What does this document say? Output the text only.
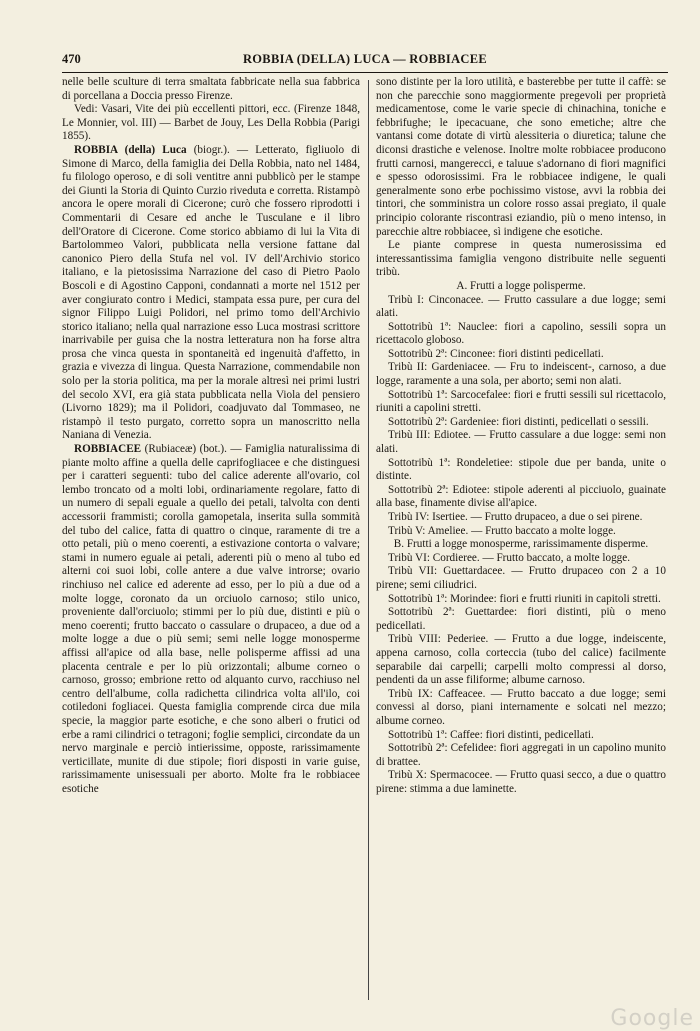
470	ROBBIA (DELLA) LUCA — ROBBIACEE

nelle belle sculture di terra smaltata fabbricate nella sua fabbrica di porcellana a Doccia presso Firenze.

Vedi: Vasari, Vite dei più eccellenti pittori, ecc. (Firenze 1848, Le Monnier, vol. III) — Barbet de Jouy, Les Della Robbia (Parigi 1855).

ROBBIA (della) Luca (biogr.). — Letterato, figliuolo di Simone di Marco, della famiglia dei Della Robbia, nato nel 1484, fu filologo operoso, e di soli ventitre anni pubblicò per le stampe dei Giunti la Storia di Quinto Curzio riveduta e corretta. Ristampò ancora le opere morali di Cicerone; curò che fossero riprodotti i Commentarii di Cesare ed anche le Tusculane e il libro dell'Oratore di Cicerone. Come storico abbiamo di lui la Vita di Bartolommeo Valori, pubblicata nella versione fattane dal canonico Piero della Stufa nel vol. IV dell'Archivio storico italiano, e la pietosissima Narrazione del caso di Pietro Paolo Boscoli e di Agostino Capponi, condannati a morte nel 1512 per aver congiurato contro i Medici, stampata essa pure, per cura del signor Filippo Luigi Polidori, nel primo tomo dell'Archivio storico italiano; nella qual narrazione esso Luca mostrasi scrittore inarrivabile per guisa che la nostra letteratura non ha forse altra prosa che vinca questa in spontaneità ed ingenuità d'affetto, in grazia e vivezza di lingua. Questa Narrazione, commendabile non solo per la storia politica, ma per la morale altresì nei primi lustri del secolo XVI, era già stata pubblicata nella Viola del pensiero (Livorno 1829); ma il Polidori, coadjuvato dal Tommaseo, ne ristampò il testo purgato, corretto sopra un manoscritto nella Naniana di Venezia.

ROBBIACEE (Rubiaceæ) (bot.). — Famiglia naturalissima di piante molto affine a quella delle caprifogliacee e che distinguesi per i caratteri seguenti: tubo del calice aderente all'ovario, col lembo troncato od a molti lobi, ordinariamente regolare, fatto di un numero di sepali eguale a quello dei petali, talvolta con denti accessorii frammisti; corolla gamopetala, inserita sulla sommità del tubo del calice, fatta di quattro o cinque, raramente di tre a otto petali, più o meno coerenti, a estivazione contorta o valvare; stami in numero eguale ai petali, aderenti più o meno al tubo ed alterni coi suoi lobi, colle antere a due valve introrse; ovario rinchiuso nel calice ed aderente ad esso, per lo più a due od a molte logge, coronato da un orciuolo carnoso; stilo unico, proveniente dall'orciuolo; stimmi per lo più due, distinti e più o meno coerenti; frutto baccato o cassulare o drupaceo, a due od a molte logge a due o più semi; semi nelle logge monosperme affissi all'apice od alla base, nelle polisperme affissi ad una placenta centrale e per lo più orizzontali; albume corneo o carnoso, grosso; embrione retto od alquanto curvo, racchiuso nel centro dell'albume, colla radichetta cilindrica volta all'ilo, coi cotiledoni fogliacei. Questa famiglia comprende circa due mila specie, la maggior parte esotiche, e che sono alberi o frutici od erbe a rami cilindrici o tetragoni; foglie semplici, circondate da un nervo marginale e perciò intierissime, opposte, rarissimamente verticillate, munite di due stipole; fiori disposti in varie guise, rarissimamente unisessuali per aborto. Molte fra le robbiacee esotiche

sono distinte per la loro utilità, e basterebbe per tutte il caffè: se non che parecchie sono maggiormente pregevoli per proprietà medicamentose, come le varie specie di chinachina, toniche e febbrifughe; le ipecacuane, che sono emetiche; altre che vantansi come dotate di virtù alessiteria o diuretica; talune che diconsi drastiche e velenose. Inoltre molte robbiacee producono frutti carnosi, mangerecci, e taluue s'adornano di fiori magnifici e spesso odorosissimi. Fra le robbiacee indigene, le quali generalmente sono erbe pochissimo vistose, avvi la robbia dei tintori, che somministra un colore rosso assai pregiato, il quale principio colorante riscontrasi eziandio, più o meno intenso, in parecchie altre robbiacee, sì indigene che esotiche.

Le piante comprese in questa numerosissima ed interessantissima famiglia vengono distribuite nelle seguenti tribù.

A. Frutti a logge polisperme.

Tribù I: Cinconacee. — Frutto cassulare a due logge; semi alati.

Sottotribù 1ª: Nauclee: fiori a capolino, sessili sopra un ricettacolo globoso.

Sottotribù 2ª: Cinconee: fiori distinti pedicellati.

Tribù II: Gardeniacee. — Fru to indeiscent-, carnoso, a due logge, raramente a una sola, per aborto; semi non alati.

Sottotribù 1ª: Sarcocefalee: fiori e frutti sessili sul ricettacolo, riuniti a capolini stretti.

Sottotribù 2ª: Gardeniee: fiori distinti, pedicellati o sessili.

Tribù III: Ediotee. — Frutto cassulare a due logge: semi non alati.

Sottotribù 1ª: Rondeletiee: stipole due per banda, unite o distinte.

Sottotribù 2ª: Ediotee: stipole aderenti al picciuolo, guainate alla base, finamente divise all'apice.

Tribù IV: Isertiee. — Frutto drupaceo, a due o sei pirene.

Tribù V: Ameliee. — Frutto baccato a molte logge.

B. Frutti a logge monosperme, rarissimamente disperme.

Tribù VI: Cordieree. — Frutto baccato, a molte logge.

Tribù VII: Guettardacee. — Frutto drupaceo con 2 a 10 pirene; semi ciliudrici.

Sottotribù 1ª: Morindee: fiori e frutti riuniti in capitoli stretti.

Sottotribù 2ª: Guettardee: fiori distinti, più o meno pedicellati.

Tribù VIII: Pederiee. — Frutto a due logge, indeiscente, appena carnoso, colla corteccia (tubo del calice) facilmente separabile dai carpelli; carpelli molto compressi al dorso, pendenti da un asse filiforme; albume carnoso.

Tribù IX: Caffeacee. — Frutto baccato a due logge; semi convessi al dorso, piani internamente e solcati nel mezzo; albume corneo.

Sottotribù 1ª: Caffee: fiori distinti, pedicellati.

Sottotribù 2ª: Cefelidee: fiori aggregati in un capolino munito di brattee.

Tribù X: Spermacocee. — Frutto quasi secco, a due o quattro pirene: stimma a due laminette.

Google
